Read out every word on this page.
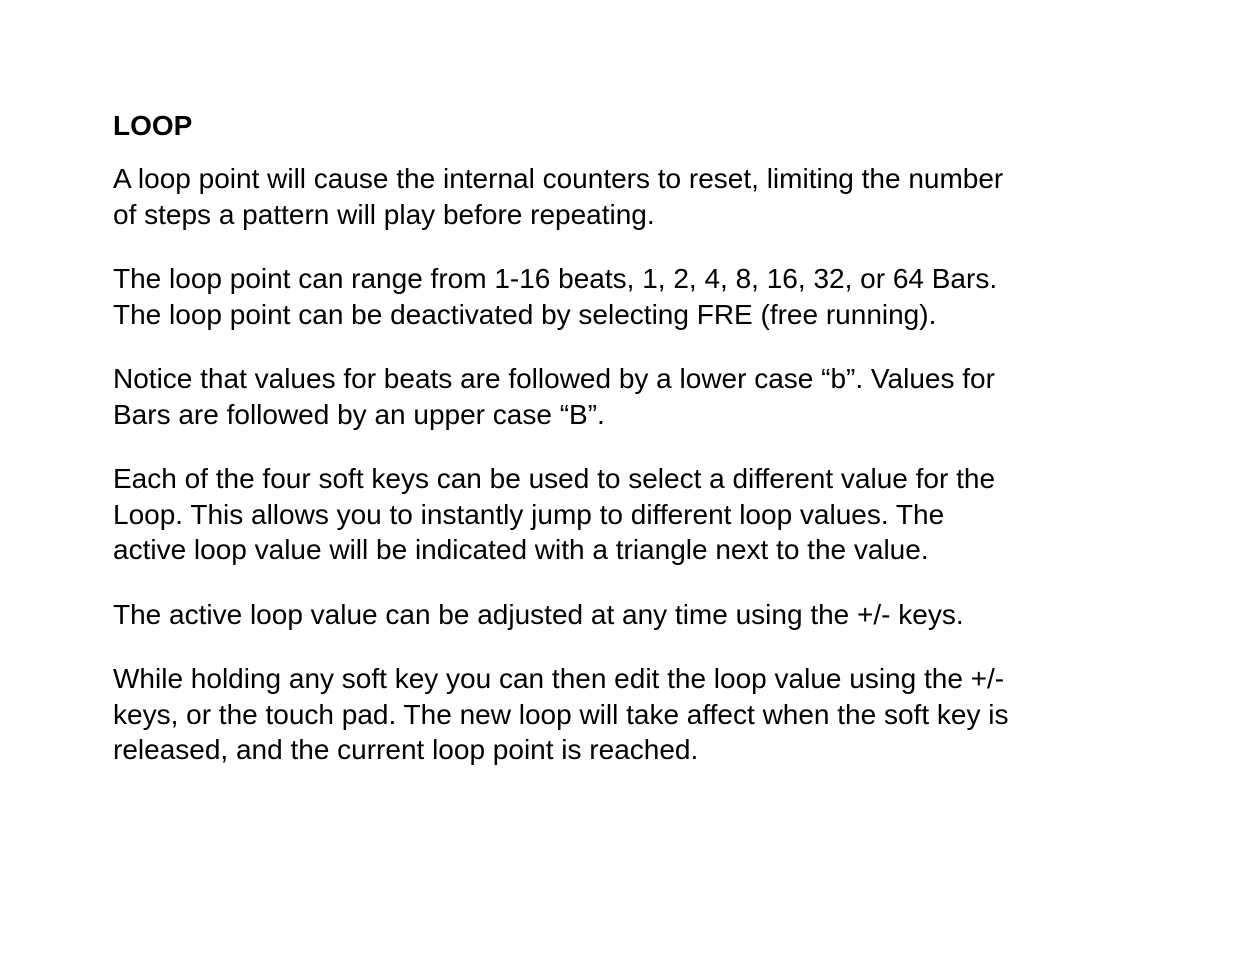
LOOP
A loop point will cause the internal counters to reset, limiting the number
of steps a pattern will play before repeating.
The loop point can range from 1-16 beats, 1, 2, 4, 8, 16, 32, or 64 Bars.
The loop point can be deactivated by selecting FRE (free running).
Notice that values for beats are followed by a lower case “b”. Values for
Bars are followed by an upper case “B”.
Each of the four soft keys can be used to select a different value for the
Loop. This allows you to instantly jump to different loop values. The
active loop value will be indicated with a triangle next to the value.
The active loop value can be adjusted at any time using the +/- keys.
While holding any soft key you can then edit the loop value using the +/-
keys, or the touch pad. The new loop will take affect when the soft key is
released, and the current loop point is reached.
